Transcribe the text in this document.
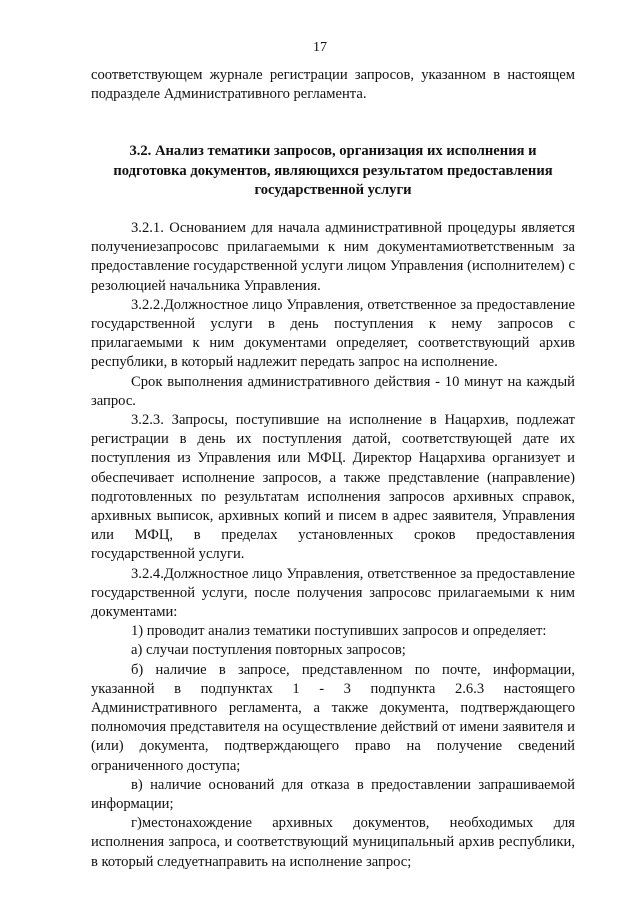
17

соответствующем журнале регистрации запросов, указанном в настоящем подразделе Административного регламента.

3.2. Анализ тематики запросов, организация их исполнения и подготовка документов, являющихся результатом предоставления государственной услуги

3.2.1. Основанием для начала административной процедуры является получениезапросовс прилагаемыми к ним документамиответственным за предоставление государственной услуги лицом Управления (исполнителем) с резолюцией начальника Управления.

3.2.2.Должностное лицо Управления, ответственное за предоставление государственной услуги в день поступления к нему запросов с прилагаемыми к ним документами определяет, соответствующий архив республики, в который надлежит передать запрос на исполнение.

Срок выполнения административного действия - 10 минут на каждый запрос.

3.2.3. Запросы, поступившие на исполнение в Нацархив, подлежат регистрации в день их поступления датой, соответствующей дате их поступления из Управления или МФЦ. Директор Нацархива организует и обеспечивает исполнение запросов, а также представление (направление) подготовленных по результатам исполнения запросов архивных справок, архивных выписок, архивных копий и писем в адрес заявителя, Управления или МФЦ, в пределах установленных сроков предоставления государственной услуги.

3.2.4.Должностное лицо Управления, ответственное за предоставление государственной услуги, после получения запросовс прилагаемыми к ним документами:

1) проводит анализ тематики поступивших запросов и определяет:

а) случаи поступления повторных запросов;

б) наличие в запросе, представленном по почте, информации, указанной в подпунктах 1 - 3 подпункта 2.6.3 настоящего Административного регламента, а также документа, подтверждающего полномочия представителя на осуществление действий от имени заявителя и (или) документа, подтверждающего право на получение сведений ограниченного доступа;

в) наличие оснований для отказа в предоставлении запрашиваемой информации;

г)местонахождение архивных документов, необходимых для исполнения запроса, и соответствующий муниципальный архив республики, в который следуетнаправить на исполнение запрос;
